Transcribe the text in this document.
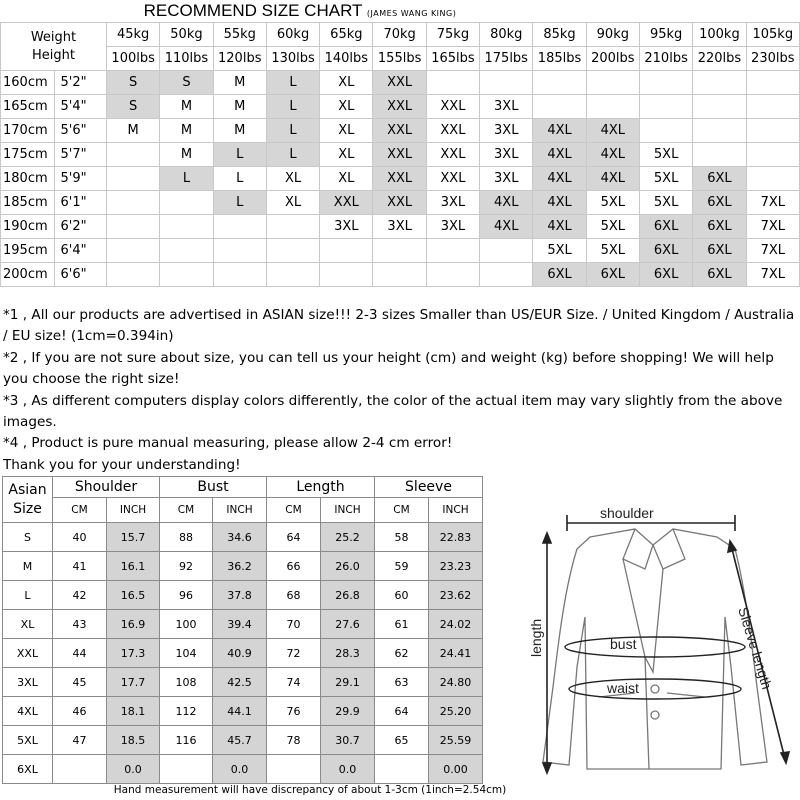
RECOMMEND SIZE CHART (JAMES WANG KING)
Weight
Height		45kg	50kg	55kg	60kg	65kg	70kg	75kg	80kg	85kg	90kg	95kg	100kg	105kg
		100lbs	110lbs	120lbs	130lbs	140lbs	155lbs	165lbs	175lbs	185lbs	200lbs	210lbs	220lbs	230lbs
160cm	5'2"	S	S	M	L	XL	XXL							
165cm	5'4"	S	M	M	L	XL	XXL	XXL	3XL					
170cm	5'6"	M	M	M	L	XL	XXL	XXL	3XL	4XL	4XL			
175cm	5'7"		M	L	L	XL	XXL	XXL	3XL	4XL	4XL	5XL		
180cm	5'9"		L	L	XL	XL	XXL	XXL	3XL	4XL	4XL	5XL	6XL	
185cm	6'1"			L	XL	XXL	XXL	3XL	4XL	4XL	5XL	5XL	6XL	7XL
190cm	6'2"					3XL	3XL	3XL	4XL	4XL	5XL	6XL	6XL	7XL
195cm	6'4"									5XL	5XL	6XL	6XL	7XL
200cm	6'6"									6XL	6XL	6XL	6XL	7XL

*1 , All our products are advertised in ASIAN size!!! 2-3 sizes Smaller than US/EUR Size. / United Kingdom / Australia / EU size! (1cm=0.394in)

*2 , If you are not sure about size, you can tell us your height (cm) and weight (kg) before shopping! We will help you choose the right size!

*3 , As different computers display colors differently, the color of the actual item may vary slightly from the above images.

*4 , Product is pure manual measuring, please allow 2-4 cm error!

Thank you for your understanding!

Asian
Size	Shoulder		Bust		Length		Sleeve	
	CM	INCH	CM	INCH	CM	INCH	CM	INCH
S	40	15.7	88	34.6	64	25.2	58	22.83
M	41	16.1	92	36.2	66	26.0	59	23.23
L	42	16.5	96	37.8	68	26.8	60	23.62
XL	43	16.9	100	39.4	70	27.6	61	24.02
XXL	44	17.3	104	40.9	72	28.3	62	24.41
3XL	45	17.7	108	42.5	74	29.1	63	24.80
4XL	46	18.1	112	44.1	76	29.9	64	25.20
5XL	47	18.5	116	45.7	78	30.7	65	25.59
6XL		0.0		0.0		0.0		0.00
shoulder
length	bust
waist	Sleeve length
Hand measurement will have discrepancy of about 1-3cm (1inch=2.54cm)
